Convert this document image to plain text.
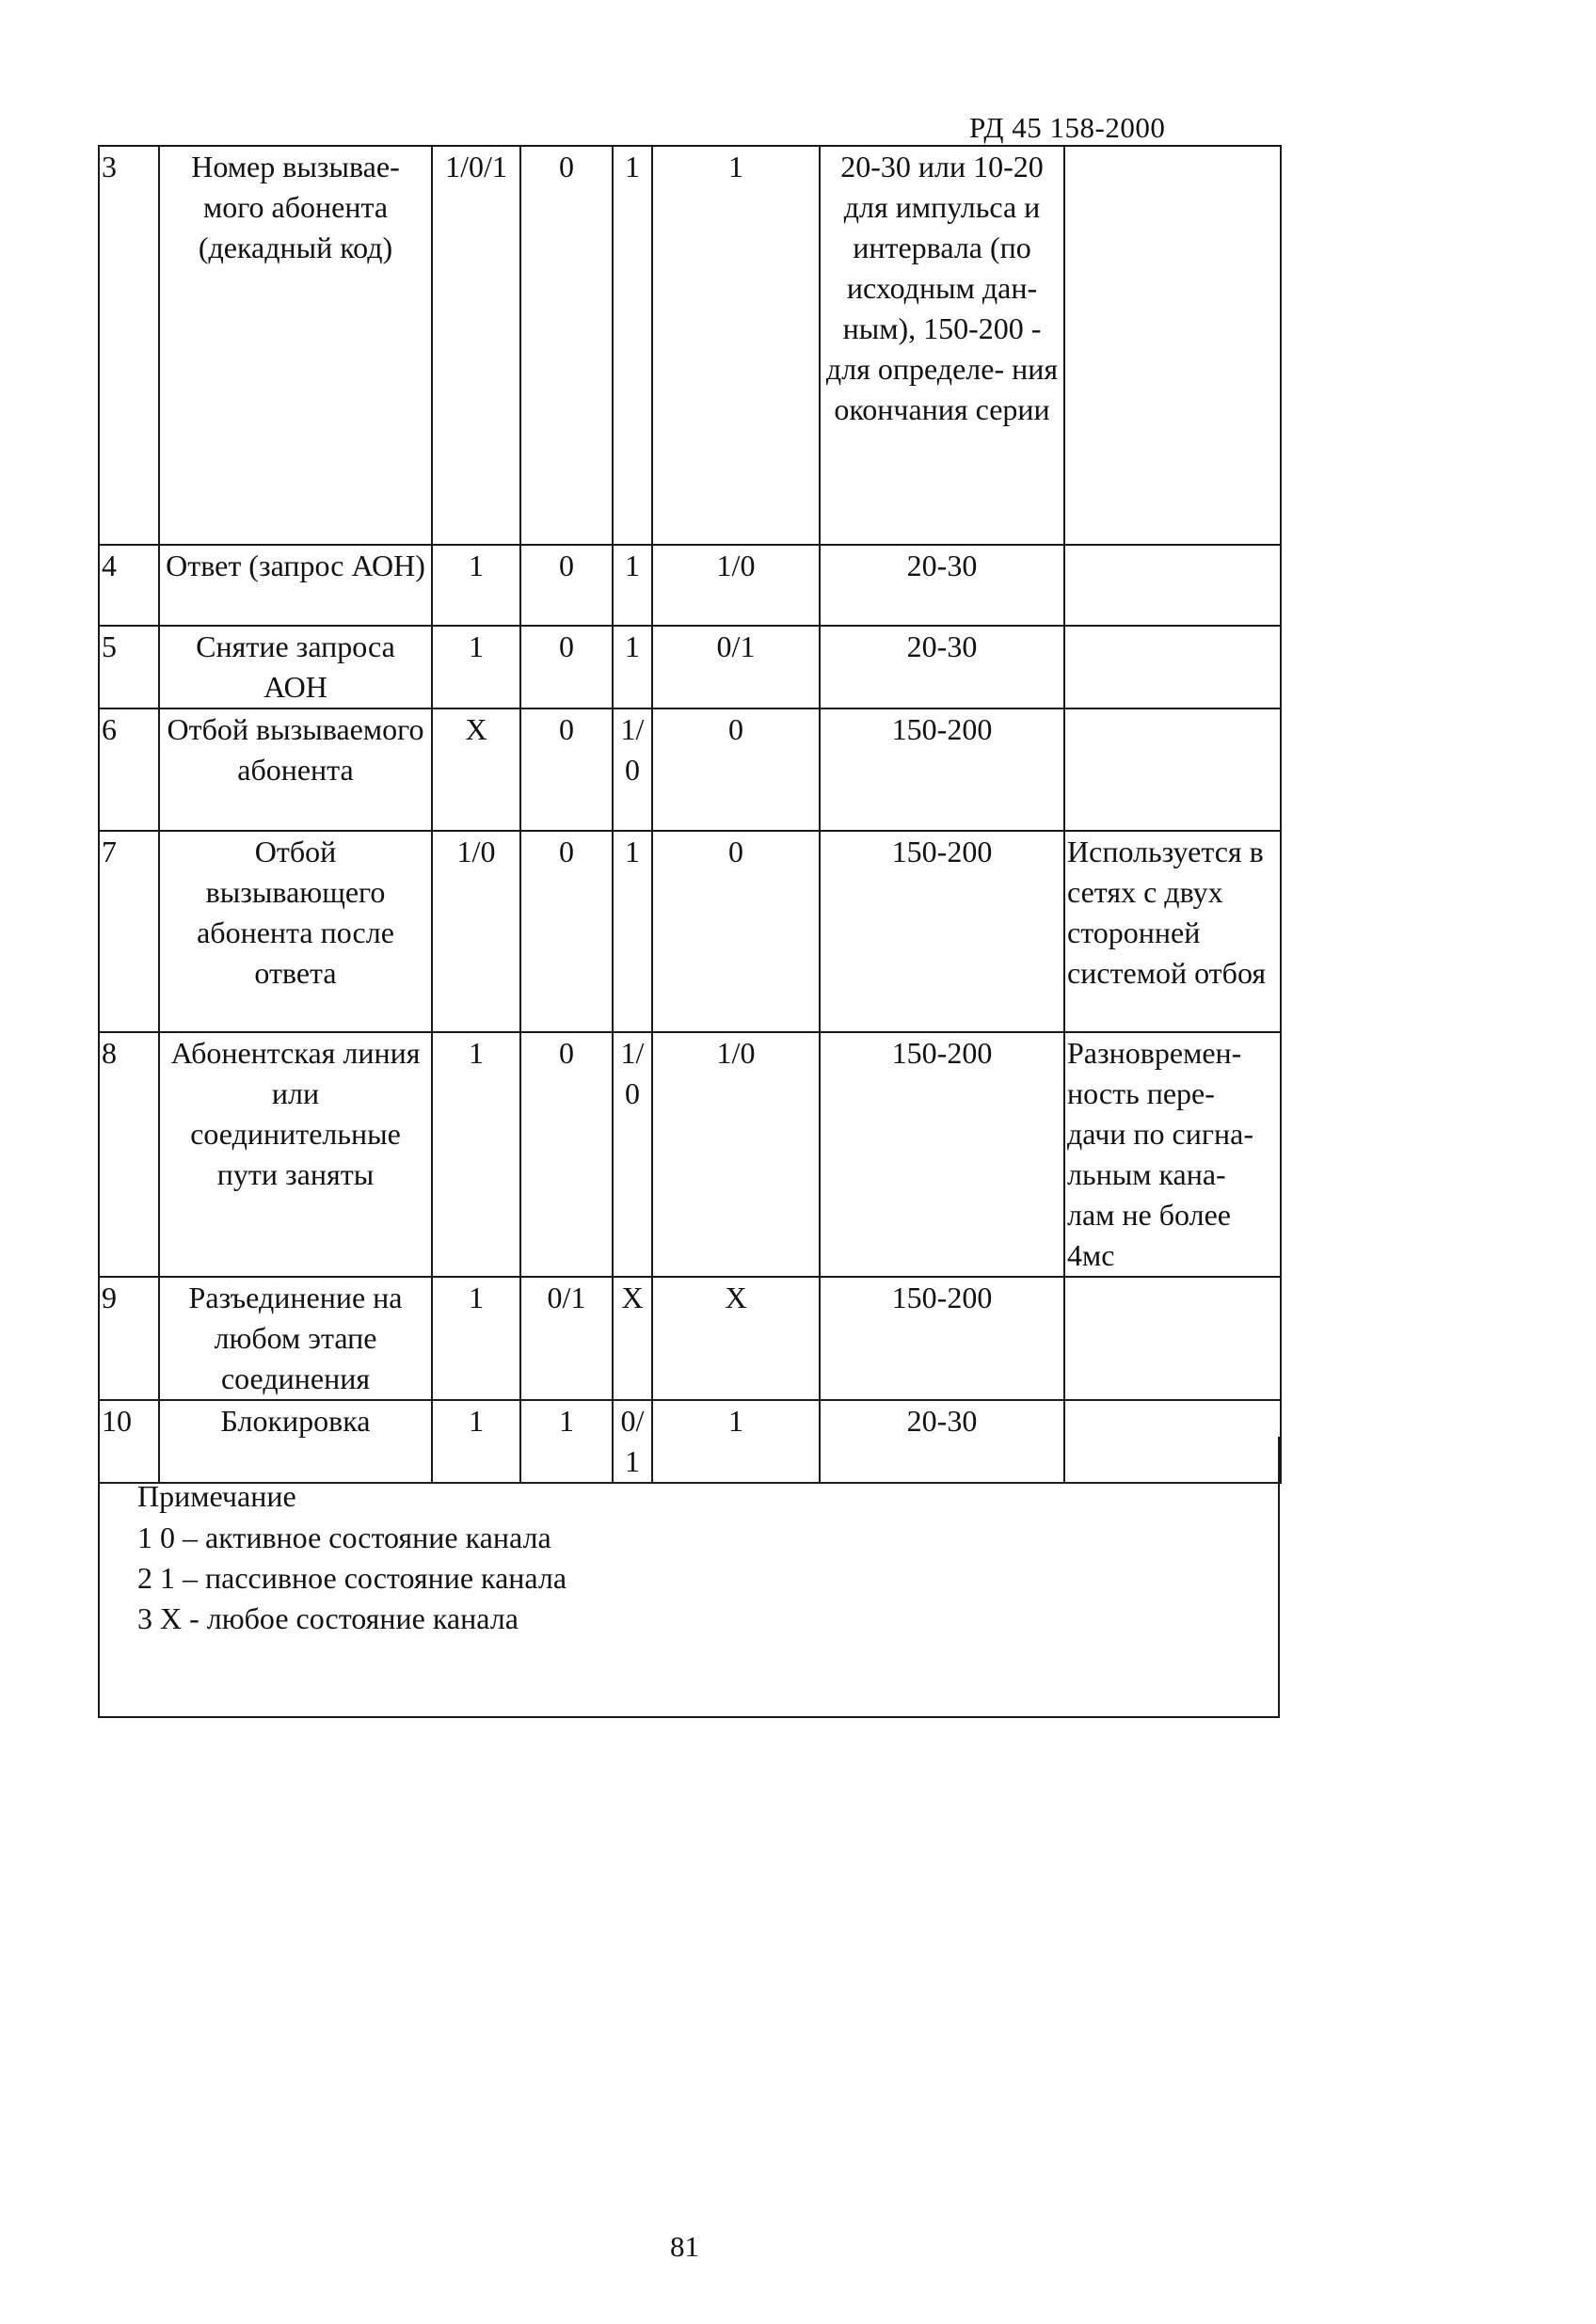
РД 45 158-2000
3	Номер вызывае- мого абонента (декадный код)	1/0/1	0	1	1	20-30 или 10-20 для импульса и интервала (по исходным дан- ным), 150-200 - для определе- ния окончания серии	
4	Ответ (запрос АОН)	1	0	1	1/0	20-30	
5	Снятие запроса АОН	1	0	1	0/1	20-30	
6	Отбой вызываемого абонента	X	0	1/0	0	150-200	
7	Отбой вызывающего абонента после ответа	1/0	0	1	0	150-200	Используется в сетях с двух сторонней системой отбоя
8	Абонентская линия или соединительные пути заняты	1	0	1/0	1/0	150-200	Разновремен- ность пере- дачи по сигна- льным кана- лам не более 4мс
9	Разъединение на любом этапе соединения	1	0/1	X	X	150-200	
10	Блокировка	1	1	0/1	1	20-30	
Примечание
1 0 – активное состояние канала
2 1 – пассивное состояние канала
3 X - любое состояние канала
81
